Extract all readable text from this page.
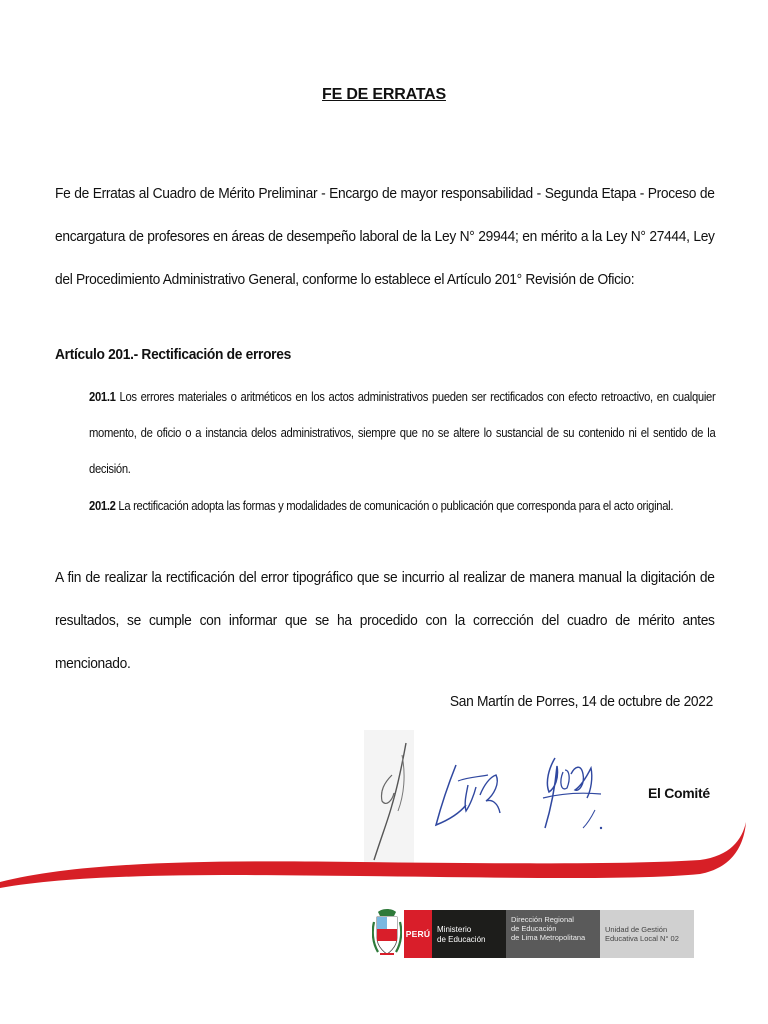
FE DE ERRATAS
Fe de Erratas al Cuadro de Mérito Preliminar - Encargo de mayor responsabilidad - Segunda Etapa - Proceso de encargatura de profesores en áreas de desempeño laboral de la Ley N° 29944; en mérito a la Ley N° 27444, Ley del Procedimiento Administrativo General, conforme lo establece el Artículo 201° Revisión de Oficio:
Artículo 201.- Rectificación de errores
201.1 Los errores materiales o aritméticos en los actos administrativos pueden ser rectificados con efecto retroactivo, en cualquier momento, de oficio o a instancia delos administrativos, siempre que no se altere lo sustancial de su contenido ni el sentido de la decisión.
201.2 La rectificación adopta las formas y modalidades de comunicación o publicación que corresponda para el acto original.
A fin de realizar la rectificación del error tipográfico que se incurrio al realizar de manera manual la digitación de resultados, se cumple con informar que se ha procedido con la corrección del cuadro de mérito antes mencionado.
San Martín de Porres, 14 de octubre de 2022
El Comité
PERÚ Ministerio
de Educación
Dirección Regional
de Educación
de Lima Metropolitana
Unidad de Gestión
Educativa Local N° 02
